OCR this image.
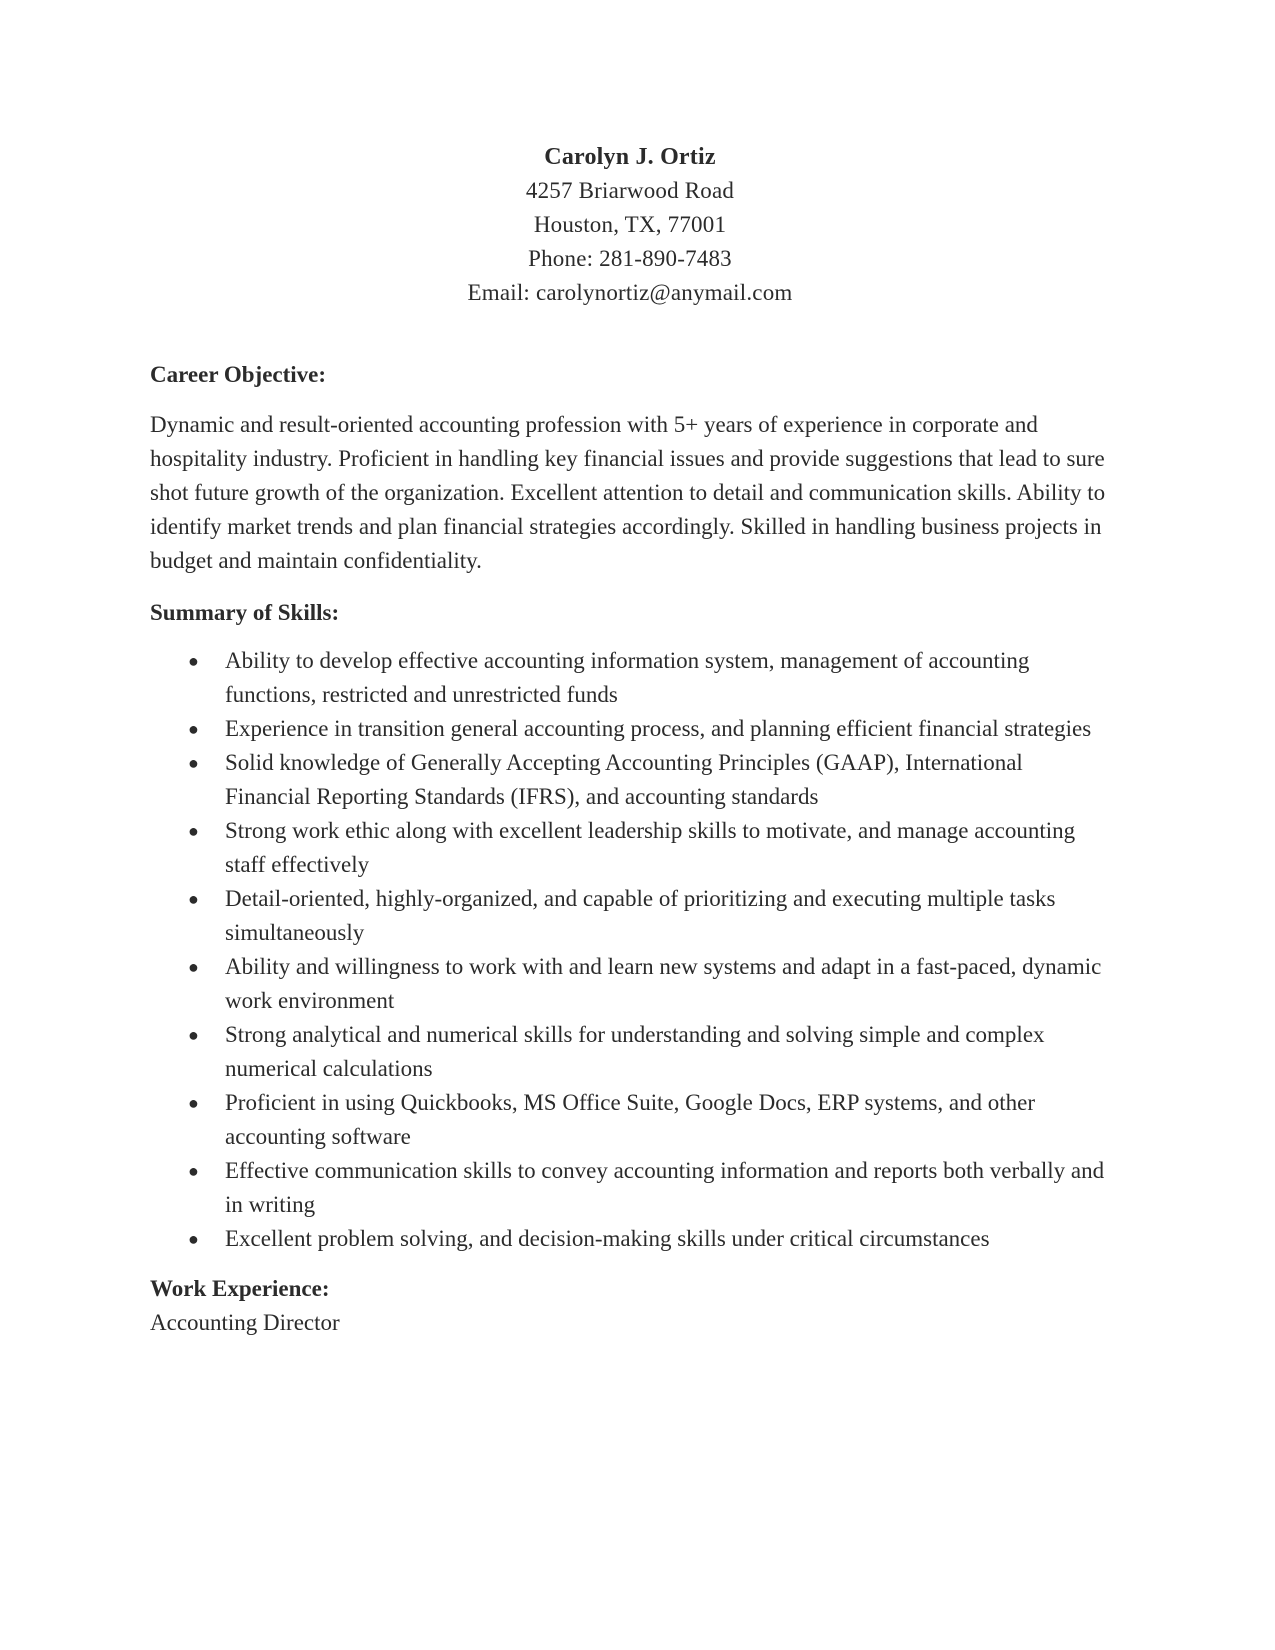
Carolyn J. Ortiz
4257 Briarwood Road
Houston, TX, 77001
Phone: 281-890-7483
Email: carolynortiz@anymail.com
Career Objective:
Dynamic and result-oriented accounting profession with 5+ years of experience in corporate and hospitality industry. Proficient in handling key financial issues and provide suggestions that lead to sure shot future growth of the organization. Excellent attention to detail and communication skills. Ability to identify market trends and plan financial strategies accordingly. Skilled in handling business projects in budget and maintain confidentiality.
Summary of Skills:
● Ability to develop effective accounting information system, management of accounting functions, restricted and unrestricted funds
● Experience in transition general accounting process, and planning efficient financial strategies
● Solid knowledge of Generally Accepting Accounting Principles (GAAP), International Financial Reporting Standards (IFRS), and accounting standards
● Strong work ethic along with excellent leadership skills to motivate, and manage accounting staff effectively
● Detail-oriented, highly-organized, and capable of prioritizing and executing multiple tasks simultaneously
● Ability and willingness to work with and learn new systems and adapt in a fast-paced, dynamic work environment
● Strong analytical and numerical skills for understanding and solving simple and complex numerical calculations
● Proficient in using Quickbooks, MS Office Suite, Google Docs, ERP systems, and other accounting software
● Effective communication skills to convey accounting information and reports both verbally and in writing
● Excellent problem solving, and decision-making skills under critical circumstances
Work Experience:
Accounting Director
